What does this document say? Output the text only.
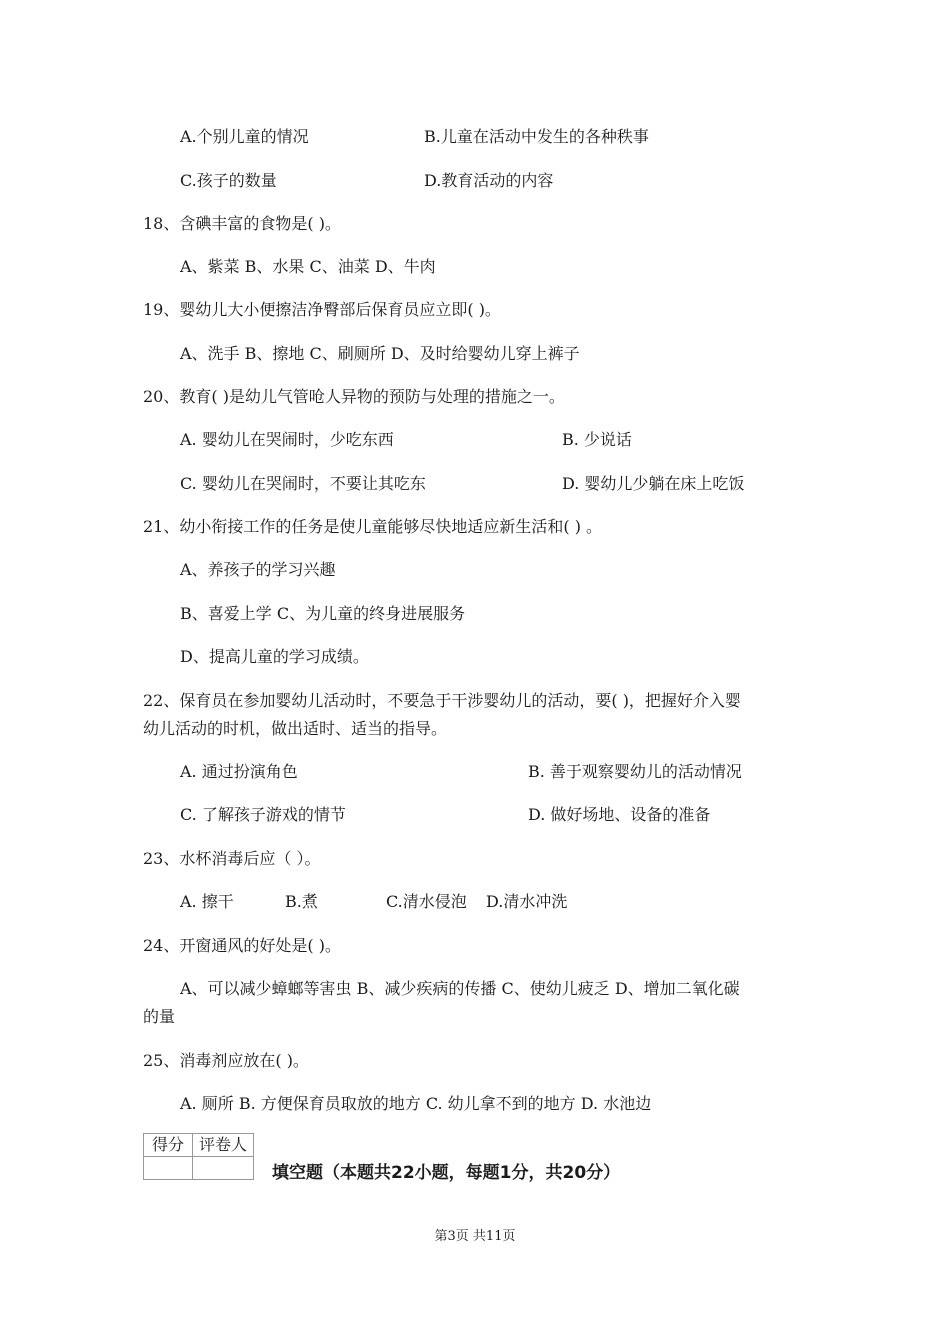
A.个别儿童的情况	B.儿童在活动中发生的各种秩事
C.孩子的数量	D.教育活动的内容
18、含碘丰富的食物是( )。
A、紫菜 B、水果 C、油菜 D、牛肉
19、婴幼儿大小便擦洁净臀部后保育员应立即( )。
A、洗手 B、擦地 C、刷厕所 D、及时给婴幼儿穿上裤子
20、教育( )是幼儿气管呛人异物的预防与处理的措施之一。
A. 婴幼儿在哭闹时，少吃东西	B. 少说话
C. 婴幼儿在哭闹时，不要让其吃东	D. 婴幼儿少躺在床上吃饭
21、幼小衔接工作的任务是使儿童能够尽快地适应新生活和( ) 。
A、养孩子的学习兴趣
B、喜爱上学 C、为儿童的终身进展服务
D、提高儿童的学习成绩。
22、保育员在参加婴幼儿活动时，不要急于干涉婴幼儿的活动，要( )，把握好介入婴
幼儿活动的时机，做出适时、适当的指导。
A. 通过扮演角色	B. 善于观察婴幼儿的活动情况
C. 了解孩子游戏的情节	D. 做好场地、设备的准备
23、水杯消毒后应（ ）。
A. 擦干	B.煮	C.清水侵泡 D.清水冲洗
24、开窗通风的好处是( )。
A、可以减少蟑螂等害虫 B、减少疾病的传播 C、使幼儿疲乏 D、增加二氧化碳
的量
25、消毒剂应放在( )。
A. 厕所 B. 方便保育员取放的地方 C. 幼儿拿不到的地方 D. 水池边
得分	评卷人

填空题（本题共22小题，每题1分，共20分）
第3页 共11页
